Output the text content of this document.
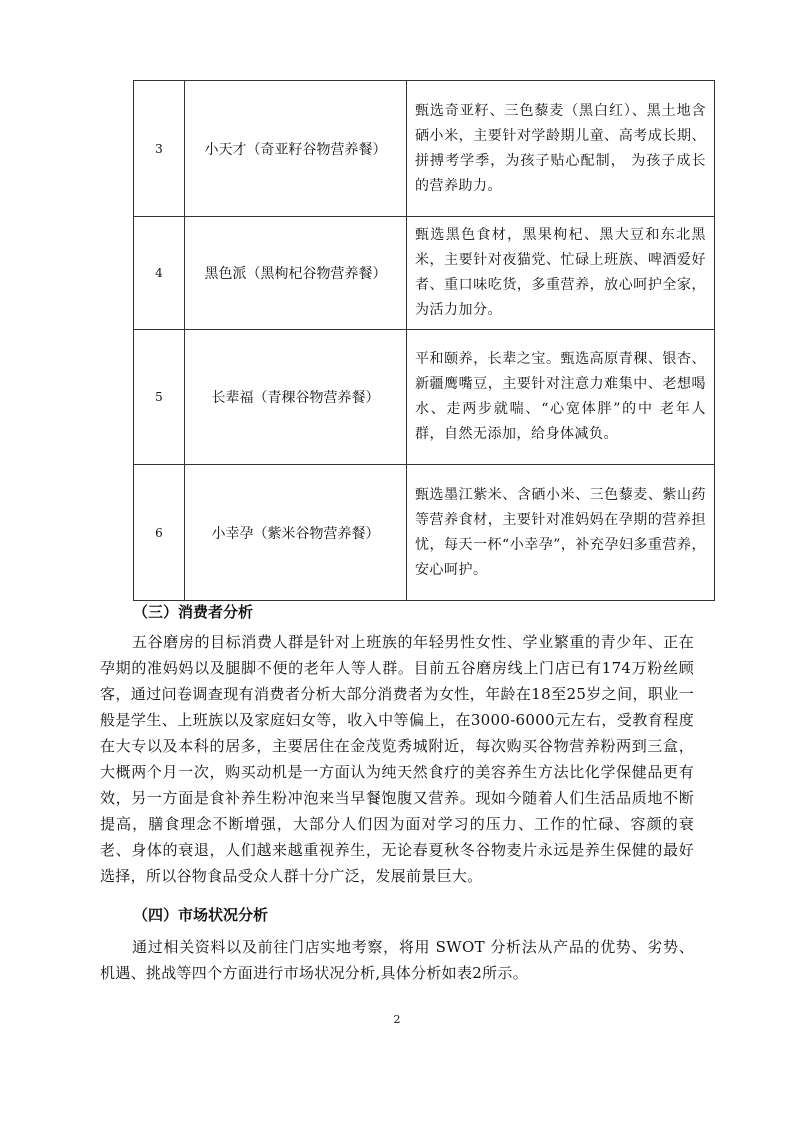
3	小天才（奇亚籽谷物营养餐）	甄选奇亚籽、三色藜麦（黑白红）、黑土地含硒小米，主要针对学龄期儿童、高考成长期、拼搏考学季，为孩子贴心配制， 为孩子成长的营养助力。
4	黑色派（黑枸杞谷物营养餐）	甄选黑色食材，黑果枸杞、黑大豆和东北黑米，主要针对夜猫党、忙碌上班族、啤酒爱好者、重口味吃货，多重营养，放心呵护全家，为活力加分。
5	长辈福（青稞谷物营养餐）	平和颐养，长辈之宝。甄选高原青稞、银杏、新疆鹰嘴豆，主要针对注意力难集中、老想喝水、走两步就喘、“心宽体胖”的中 老年人群，自然无添加，给身体减负。
6	小幸孕（紫米谷物营养餐）	甄选墨江紫米、含硒小米、三色藜麦、紫山药等营养食材，主要针对准妈妈在孕期的营养担忧，每天一杯“小幸孕”，补充孕妇多重营养，安心呵护。
（三）消费者分析

五谷磨房的目标消费人群是针对上班族的年轻男性女性、学业繁重的青少年、正在孕期的准妈妈以及腿脚不便的老年人等人群。目前五谷磨房线上门店已有174万粉丝顾客，通过问卷调查现有消费者分析大部分消费者为女性，年龄在18至25岁之间，职业一般是学生、上班族以及家庭妇女等，收入中等偏上，在3000-6000元左右，受教育程度在大专以及本科的居多，主要居住在金茂览秀城附近，每次购买谷物营养粉两到三盒，大概两个月一次，购买动机是一方面认为纯天然食疗的美容养生方法比化学保健品更有效，另一方面是食补养生粉冲泡来当早餐饱腹又营养。现如今随着人们生活品质地不断提高，膳食理念不断增强，大部分人们因为面对学习的压力、工作的忙碌、容颜的衰老、身体的衰退，人们越来越重视养生，无论春夏秋冬谷物麦片永远是养生保健的最好选择，所以谷物食品受众人群十分广泛，发展前景巨大。

（四）市场状况分析

通过相关资料以及前往门店实地考察，将用 SWOT 分析法从产品的优势、劣势、机遇、挑战等四个方面进行市场状况分析,具体分析如表2所示。

2
